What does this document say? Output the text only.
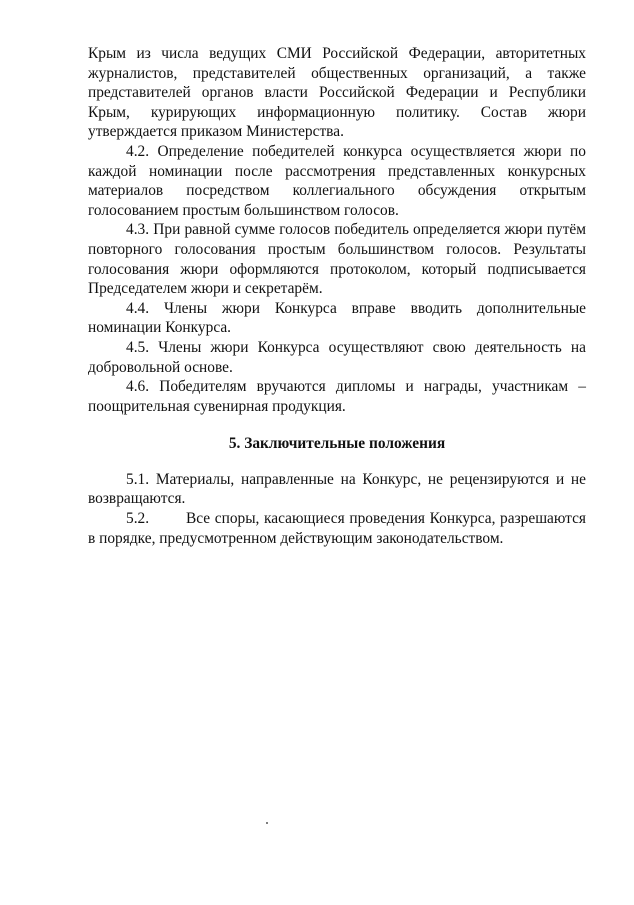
Крым из числа ведущих СМИ Российской Федерации, авторитетных журналистов, представителей общественных организаций, а также представителей органов власти Российской Федерации и Республики Крым, курирующих информационную политику. Состав жюри утверждается приказом Министерства.

4.2. Определение победителей конкурса осуществляется жюри по каждой номинации после рассмотрения представленных конкурсных материалов посредством коллегиального обсуждения открытым голосованием простым большинством голосов.

4.3. При равной сумме голосов победитель определяется жюри путём повторного голосования простым большинством голосов. Результаты голосования жюри оформляются протоколом, который подписывается Председателем жюри и секретарём.

4.4. Члены жюри Конкурса вправе вводить дополнительные номинации Конкурса.

4.5. Члены жюри Конкурса осуществляют свою деятельность на добровольной основе.

4.6. Победителям вручаются дипломы и награды, участникам – поощрительная сувенирная продукция.

5. Заключительные положения

5.1. Материалы, направленные на Конкурс, не рецензируются и не возвращаются.

5.2. Все споры, касающиеся проведения Конкурса, разрешаются в порядке, предусмотренном действующим законодательством.
